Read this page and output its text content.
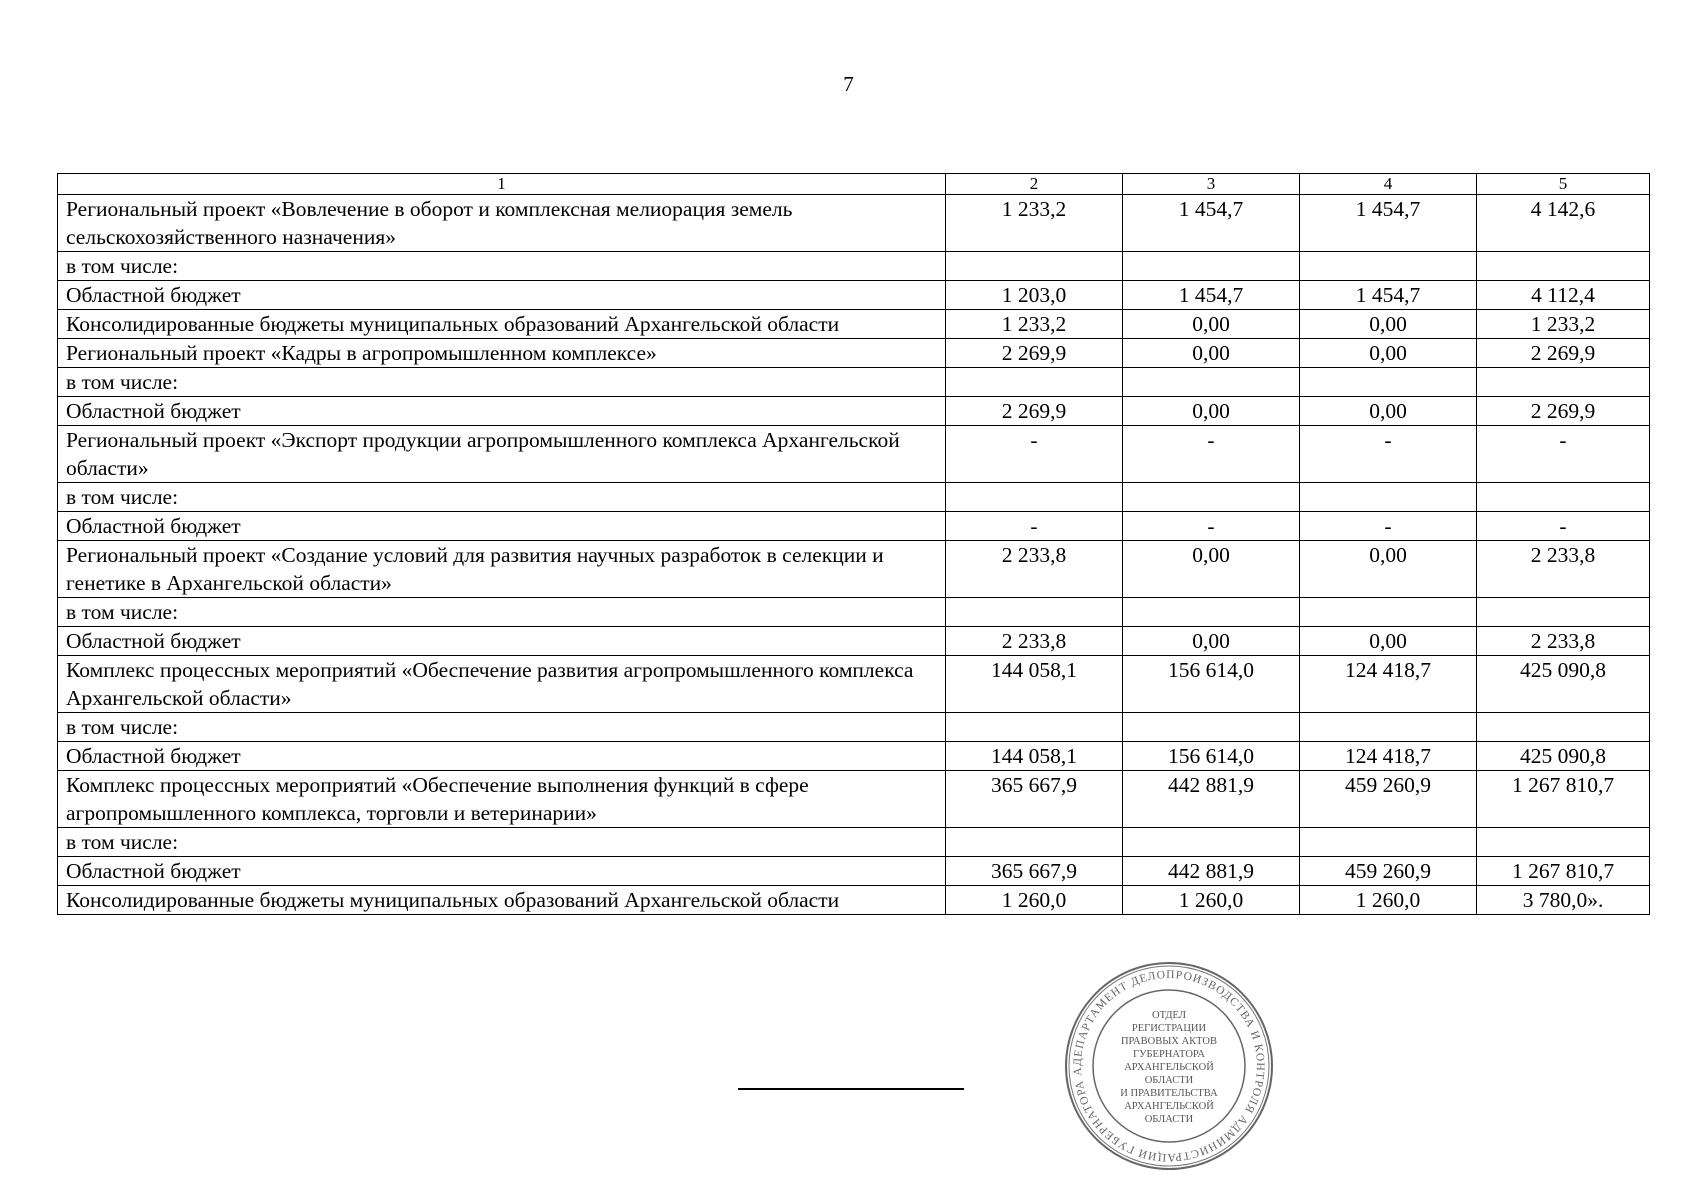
7
1	2	3	4	5
Региональный проект «Вовлечение в оборот и комплексная мелиорация земель сельскохозяйственного назначения»	1 233,2	1 454,7	1 454,7	4 142,6
в том числе:				
Областной бюджет	1 203,0	1 454,7	1 454,7	4 112,4
Консолидированные бюджеты муниципальных образований Архангельской области	1 233,2	0,00	0,00	1 233,2
Региональный проект «Кадры в агропромышленном комплексе»	2 269,9	0,00	0,00	2 269,9
в том числе:				
Областной бюджет	2 269,9	0,00	0,00	2 269,9
Региональный проект «Экспорт продукции агропромышленного комплекса Архангельской области»	-	-	-	-
в том числе:				
Областной бюджет	-	-	-	-
Региональный проект «Создание условий для развития научных разработок в селекции и генетике в Архангельской области»	2 233,8	0,00	0,00	2 233,8
в том числе:				
Областной бюджет	2 233,8	0,00	0,00	2 233,8
Комплекс процессных мероприятий «Обеспечение развития агропромышленного комплекса Архангельской области»	144 058,1	156 614,0	124 418,7	425 090,8
в том числе:				
Областной бюджет	144 058,1	156 614,0	124 418,7	425 090,8
Комплекс процессных мероприятий «Обеспечение выполнения функций в сфере агропромышленного комплекса, торговли и ветеринарии»	365 667,9	442 881,9	459 260,9	1 267 810,7
в том числе:				
Областной бюджет	365 667,9	442 881,9	459 260,9	1 267 810,7
Консолидированные бюджеты муниципальных образований Архангельской области	1 260,0	1 260,0	1 260,0	3 780,0».
ДЕПАРТАМЕНТ ДЕЛОПРОИЗВОДСТВА И КОНТРОЛЯ АДМИНИСТРАЦИИ ГУБЕРНАТОРА А
ОТДЕЛ
РЕГИСТРАЦИИ
ПРАВОВЫХ АКТОВ
ГУБЕРНАТОРА
АРХАНГЕЛЬСКОЙ
ОБЛАСТИ
И ПРАВИТЕЛЬСТВА
АРХАНГЕЛЬСКОЙ
ОБЛАСТИ
